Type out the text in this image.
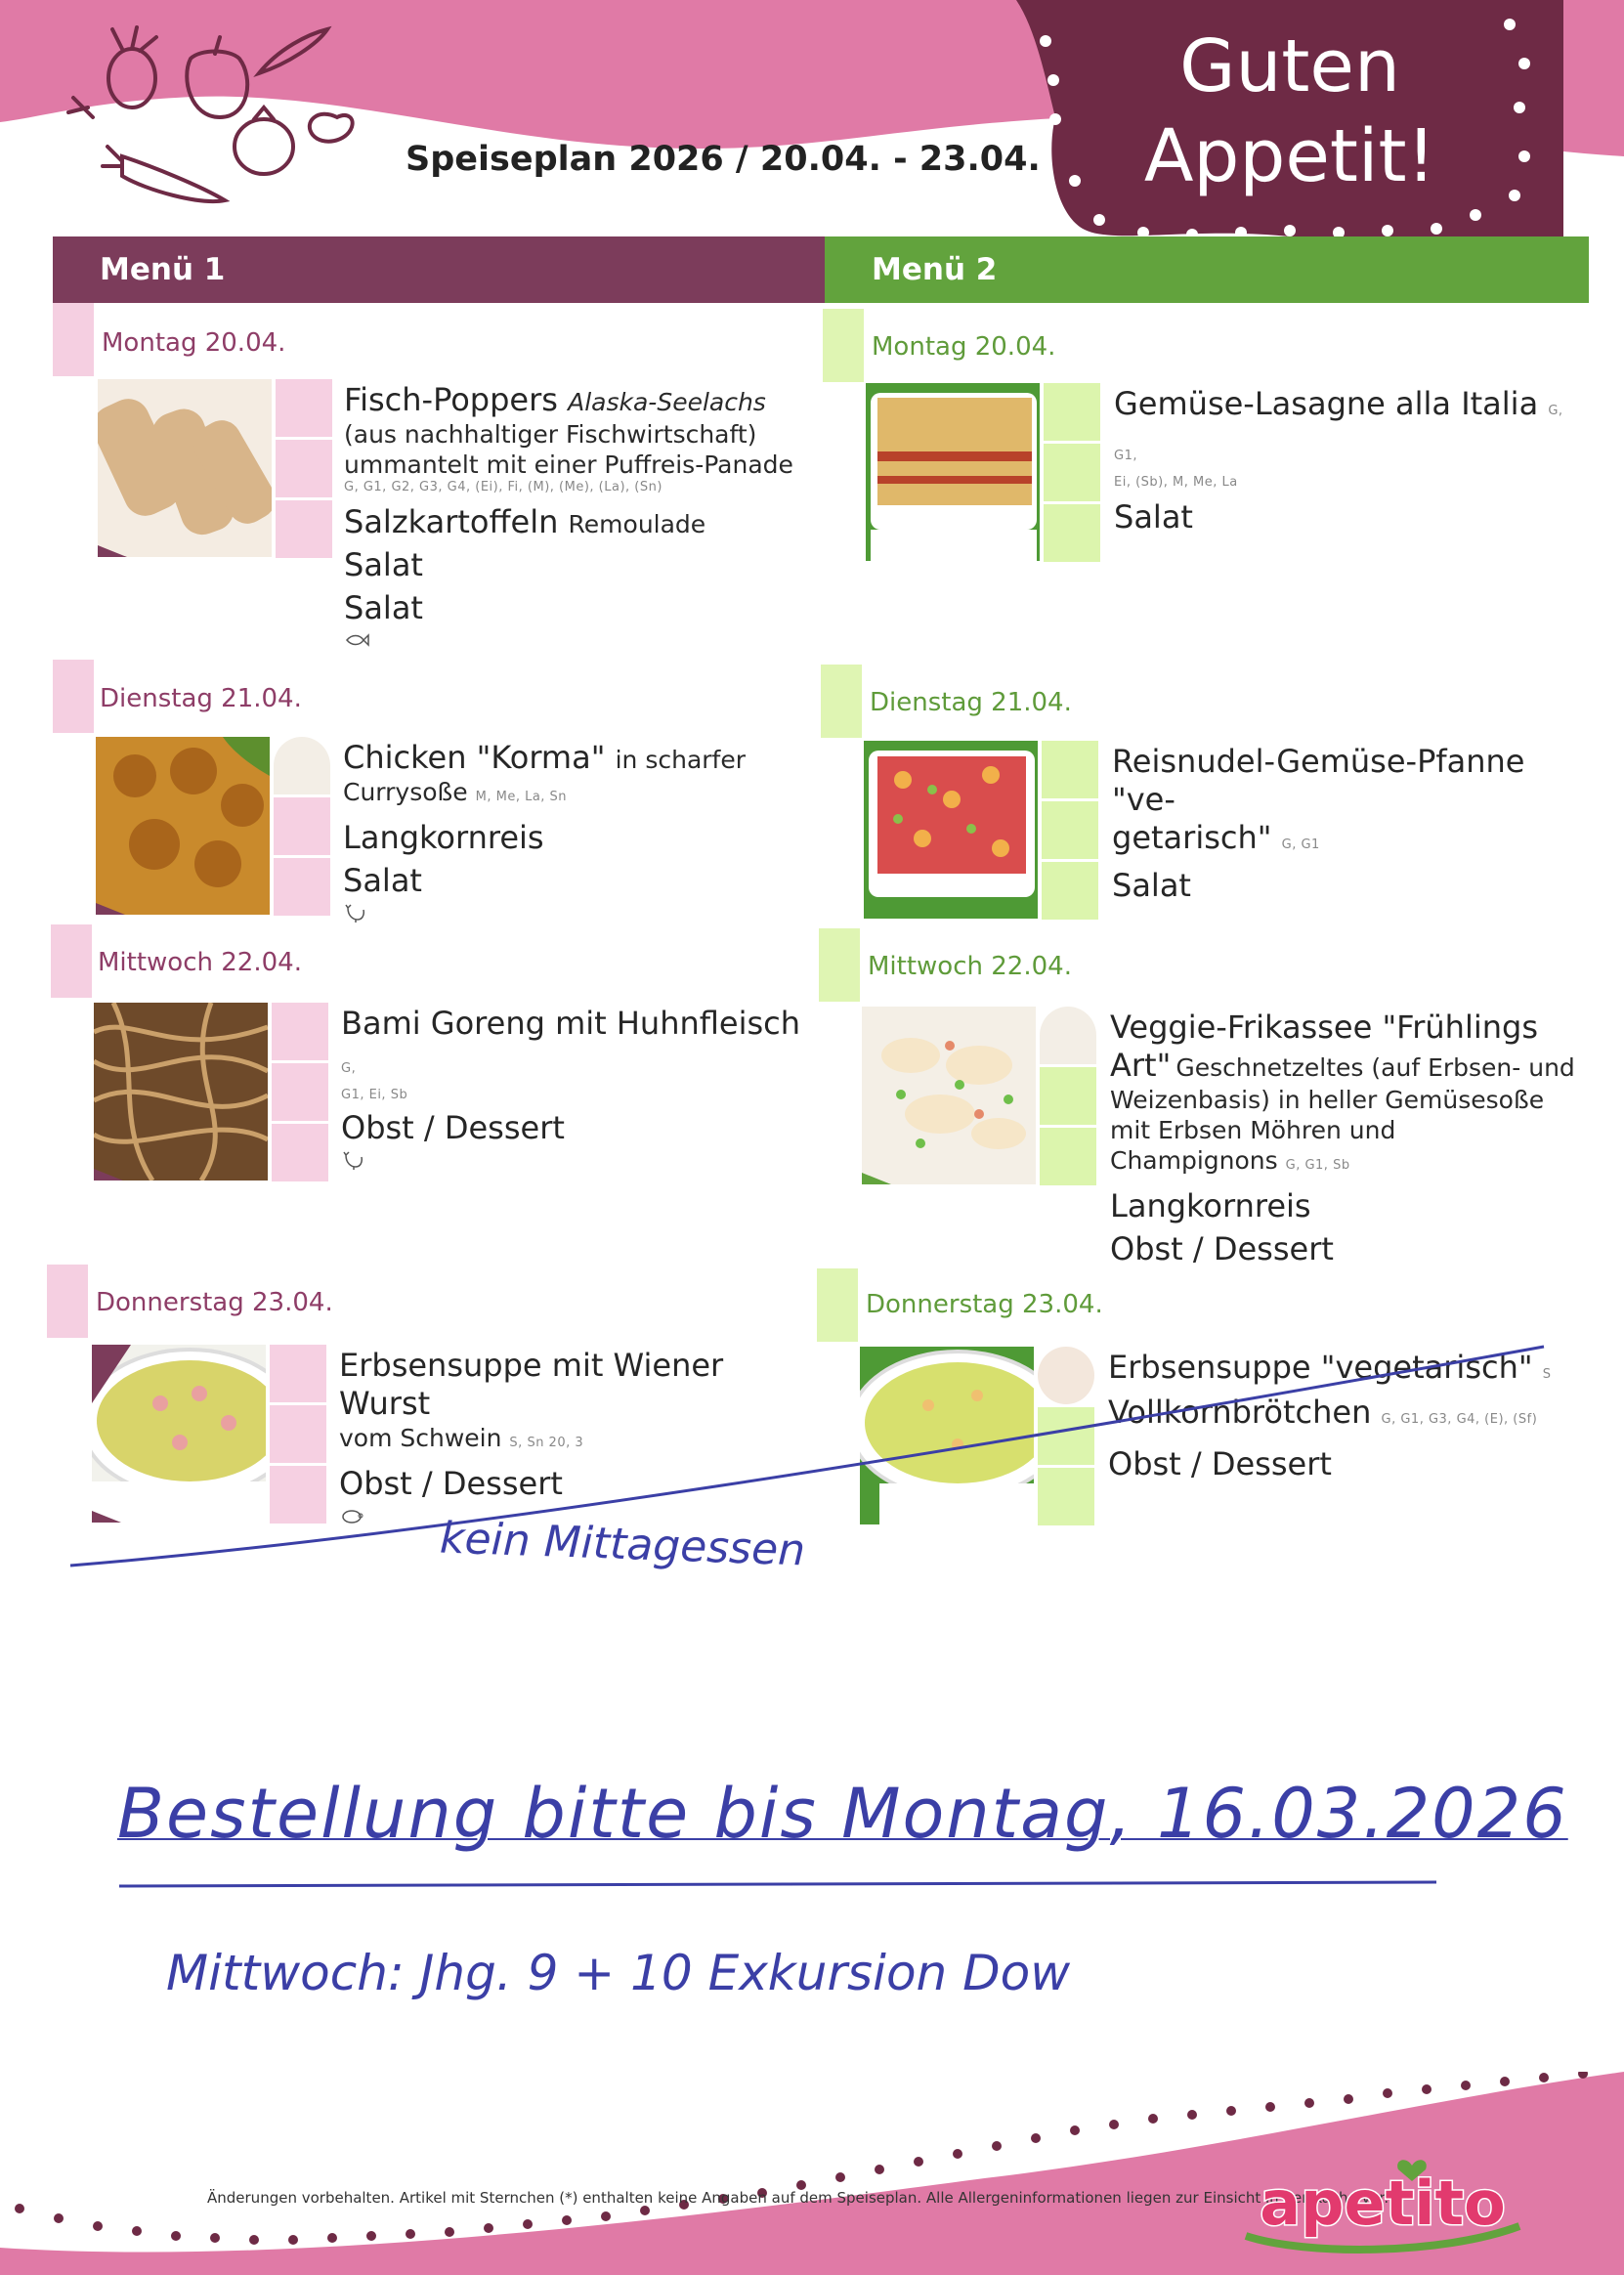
Guten
Appetit!
Speiseplan 2026 / 20.04. - 23.04.
Menü 1	Menü 2
Montag 20.04.
Fisch-Poppers Alaska-Seelachs
(aus nachhaltiger Fischwirtschaft)
ummantelt mit einer Puffreis-Panade
G, G1, G2, G3, G4, (Ei), Fi, (M), (Me), (La), (Sn)
Salzkartoffeln Remoulade
Salat
Salat
Dienstag 21.04.
Chicken "Korma" in scharfer
Currysoße M, Me, La, Sn
Langkornreis
Salat
Mittwoch 22.04.
Bami Goreng mit Huhnfleisch G,
G1, Ei, Sb
Obst / Dessert
Donnerstag 23.04.
Erbsensuppe mit Wiener Wurst
vom Schwein S, Sn 20, 3
Obst / Dessert
Montag 20.04.
Gemüse-Lasagne alla Italia G, G1,
Ei, (Sb), M, Me, La
Salat
Dienstag 21.04.
Reisnudel-Gemüse-Pfanne "ve-
getarisch" G, G1
Salat
Mittwoch 22.04.
Veggie-Frikassee "Frühlings
Art" Geschnetzeltes (auf Erbsen- und
Weizenbasis) in heller Gemüsesoße
mit Erbsen Möhren und
Champignons G, G1, Sb
Langkornreis
Obst / Dessert
Donnerstag 23.04.
Erbsensuppe "vegetarisch" S
Vollkornbrötchen G, G1, G3, G4, (E), (Sf)
Obst / Dessert
kein Mittagessen
Bestellung bitte bis Montag, 16.03.2026
Mittwoch: Jhg. 9 + 10 Exkursion Dow
Änderungen vorbehalten. Artikel mit Sternchen (*) enthalten keine Angaben auf dem Speiseplan. Alle Allergeninformationen liegen zur Einsicht in der Küche vor.
apetito
